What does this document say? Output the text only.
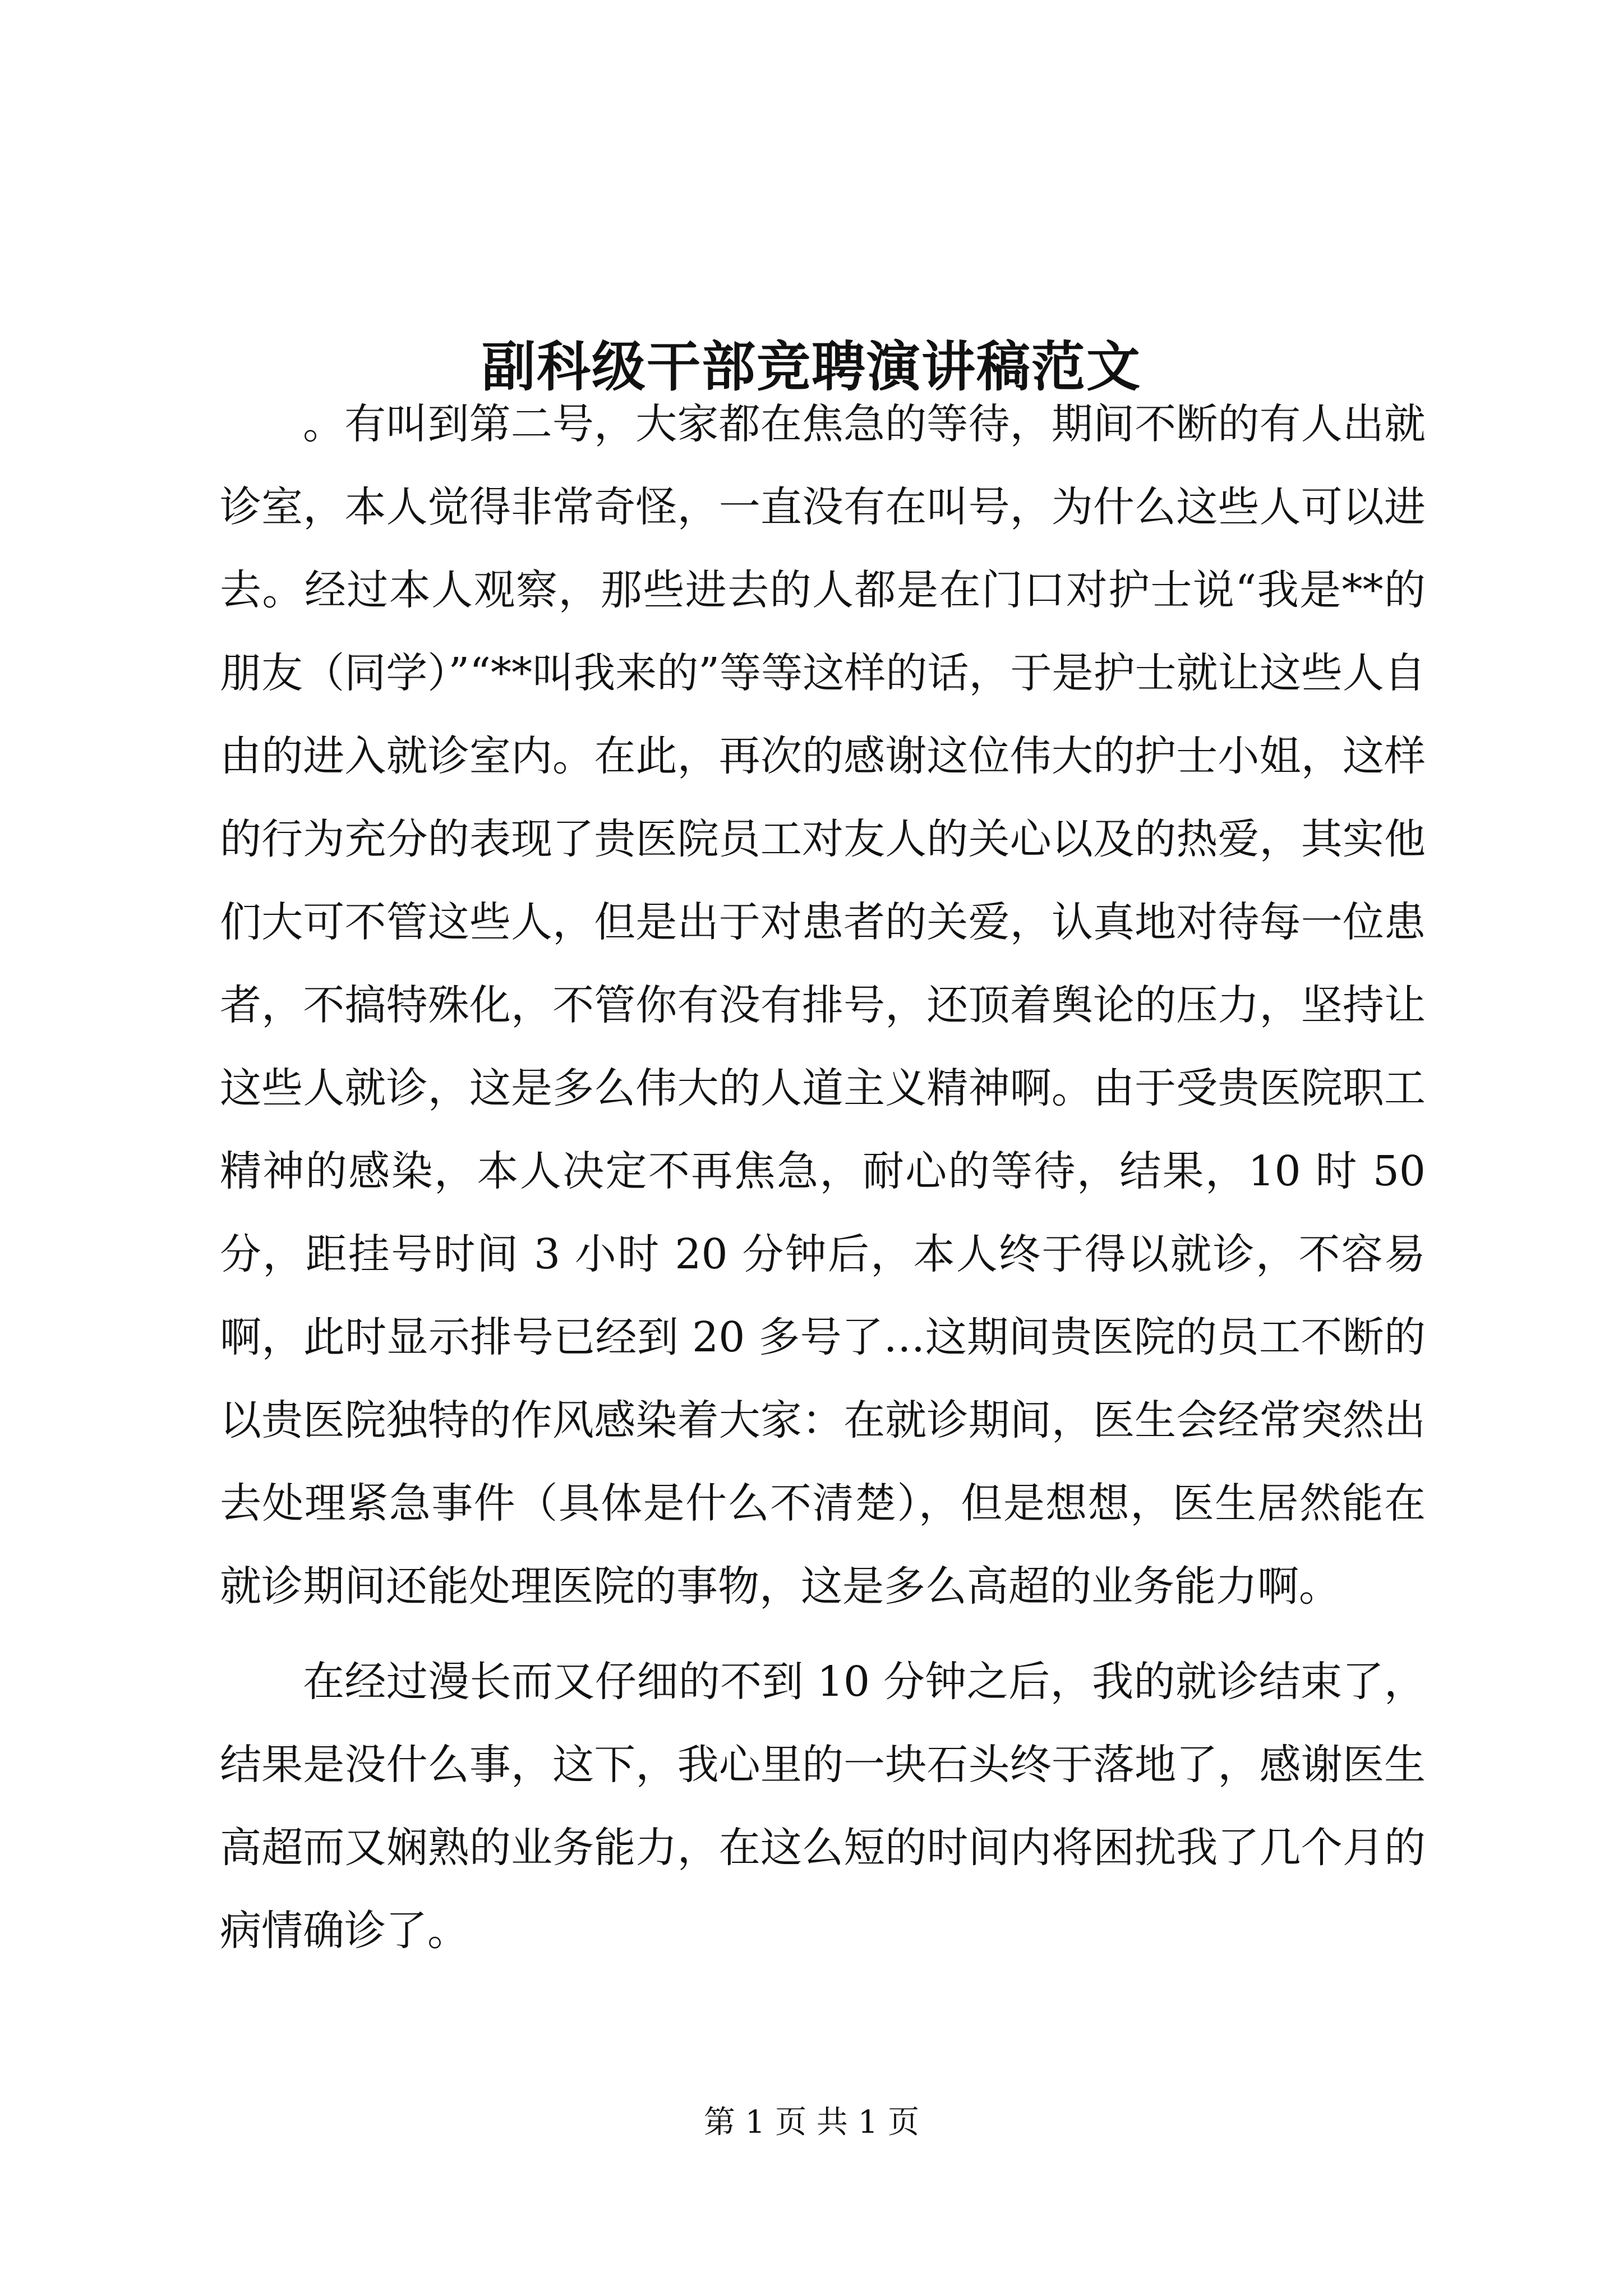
副科级干部竞聘演讲稿范文

。有叫到第二号，大家都在焦急的等待，期间不断的有人出就诊室，本人觉得非常奇怪，一直没有在叫号，为什么这些人可以进去。经过本人观察，那些进去的人都是在门口对护士说“我是**的朋友（同学）”“**叫我来的”等等这样的话，于是护士就让这些人自由的进入就诊室内。在此，再次的感谢这位伟大的护士小姐，这样的行为充分的表现了贵医院员工对友人的关心以及的热爱，其实他们大可不管这些人，但是出于对患者的关爱，认真地对待每一位患者，不搞特殊化，不管你有没有排号，还顶着舆论的压力，坚持让这些人就诊，这是多么伟大的人道主义精神啊。由于受贵医院职工精神的感染，本人决定不再焦急，耐心的等待，结果，10 时 50 分，距挂号时间 3 小时 20 分钟后，本人终于得以就诊，不容易啊，此时显示排号已经到 20 多号了…这期间贵医院的员工不断的以贵医院独特的作风感染着大家：在就诊期间，医生会经常突然出去处理紧急事件（具体是什么不清楚），但是想想，医生居然能在就诊期间还能处理医院的事物，这是多么高超的业务能力啊。

在经过漫长而又仔细的不到 10 分钟之后，我的就诊结束了，结果是没什么事，这下，我心里的一块石头终于落地了，感谢医生高超而又娴熟的业务能力，在这么短的时间内将困扰我了几个月的病情确诊了。

第 1 页 共 1 页
